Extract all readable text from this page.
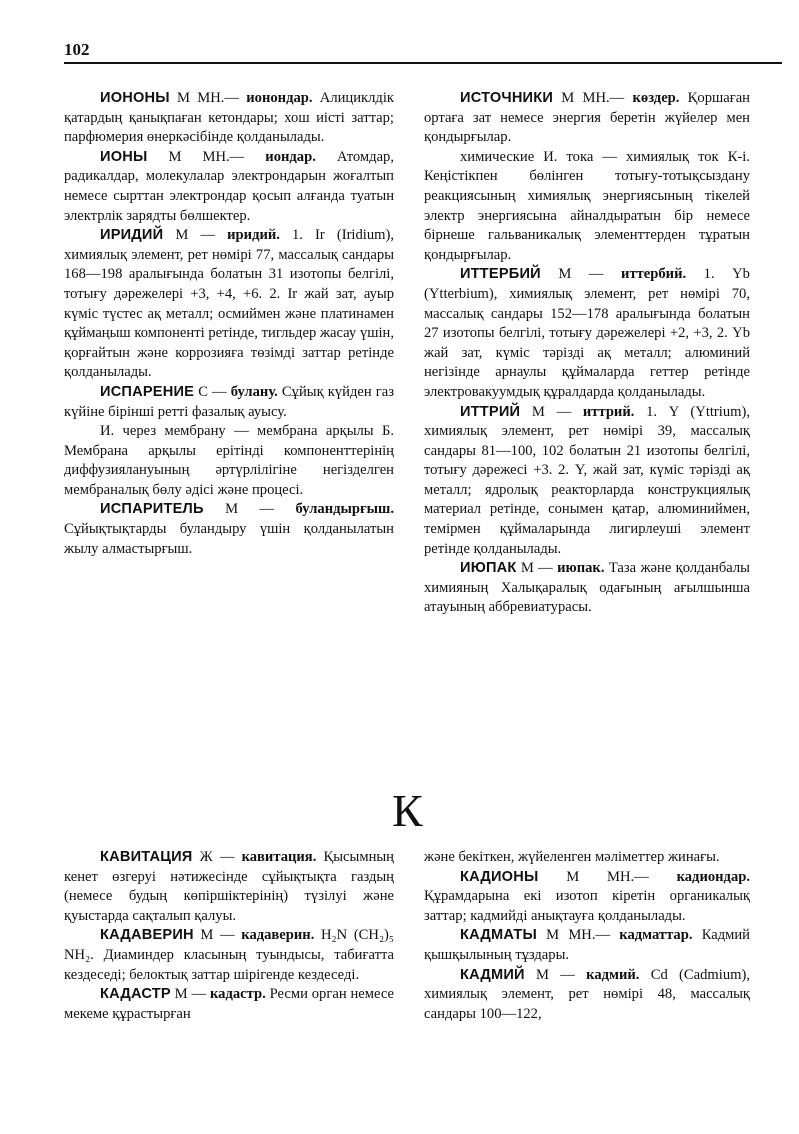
102

ИОНОНЫ М МН.— ионондар. Алициклдік қатардың қанықпаған кетондары; хош иісті заттар; парфюмерия өнеркәсібінде қолданылады.

ИОНЫ М МН.— иондар. Атомдар, радикалдар, молекулалар электрондарын жоғалтып немесе сырттан электрондар қосып алғанда туатын электрлік зарядты бөлшектер.

ИРИДИЙ М — иридий. 1. Ir (Iridium), химиялық элемент, рет нөмірі 77, массалық сандары 168—198 аралығында болатын 31 изотопы белгілі, тотығу дәрежелері +3, +4, +6. 2. Ir жай зат, ауыр күміс түстес ақ металл; осмиймен және платинамен құймаңыш компоненті ретінде, тигльдер жасау үшін, қорғайтын және коррозияға төзімді заттар ретінде қолданылады.

ИСПАРЕНИЕ С — булану. Сұйық күйден газ күйіне бірінші ретті фазалық ауысу.

И. через мембрану — мембрана арқылы Б. Мембрана арқылы ерітінді компоненттерінің диффузиялануының әртүрлілігіне негізделген мембраналық бөлу әдісі және процесі.

ИСПАРИТЕЛЬ М — буландырғыш. Сұйықтықтарды буландыру үшін қолданылатын жылу алмастырғыш.

ИСТОЧНИКИ М МН.— көздер. Қоршаған ортаға зат немесе энергия беретін жүйелер мен қондырғылар.

химические И. тока — химиялық ток К-і. Кеңістікпен бөлінген тотығу-тотықсыздану реакциясының химиялық энергиясының тікелей электр энергиясына айналдыратын бір немесе бірнеше гальваникалық элементтерден тұратын қондырғылар.

ИТТЕРБИЙ М — иттербий. 1. Yb (Ytterbium), химиялық элемент, рет нөмірі 70, массалық сандары 152—178 аралығында болатын 27 изотопы белгілі, тотығу дәрежелері +2, +3, 2. Yb жай зат, күміс тәрізді ақ металл; алюминий негізінде арнаулы құймаларда геттер ретінде электровакуумдық құралдарда қолданылады.

ИТТРИЙ М — иттрий. 1. Y (Yttrium), химиялық элемент, рет нөмірі 39, массалық сандары 81—100, 102 болатын 21 изотопы белгілі, тотығу дәрежесі +3. 2. Y, жай зат, күміс тәрізді ақ металл; ядролық реакторларда конструкциялық материал ретінде, сонымен қатар, алюминиймен, темірмен құймаларында лигирлеуші элемент ретінде қолданылады.

ИЮПАК М — июпак. Таза және қолданбалы химияның Халықаралық одағының ағылшынша атауының аббревиатурасы.

К

КАВИТАЦИЯ Ж — кавитация. Қысымның кенет өзгеруі нәтижесінде сұйықтықта газдың (немесе будың көпіршіктерінің) түзілуі және қуыстарда сақталып қалуы.

КАДАВЕРИН М — кадаверин. H₂N (CH₂)₅ NH₂. Диаминдер класының туындысы, табиғатта кездеседі; белоктық заттар шірігенде кездеседі.

КАДАСТР М — кадастр. Ресми орган немесе мекеме құрастырған

және бекіткен, жүйеленген мәліметтер жинағы.

КАДИОНЫ М МН.— кадиондар. Құрамдарына екі изотоп кіретін органикалық заттар; кадмийді анықтауға қолданылады.

КАДМАТЫ М МН.— кадматтар. Кадмий қышқылының тұздары.

КАДМИЙ М — кадмий. Cd (Cadmium), химиялық элемент, рет нөмірі 48, массалық сандары 100—122,
